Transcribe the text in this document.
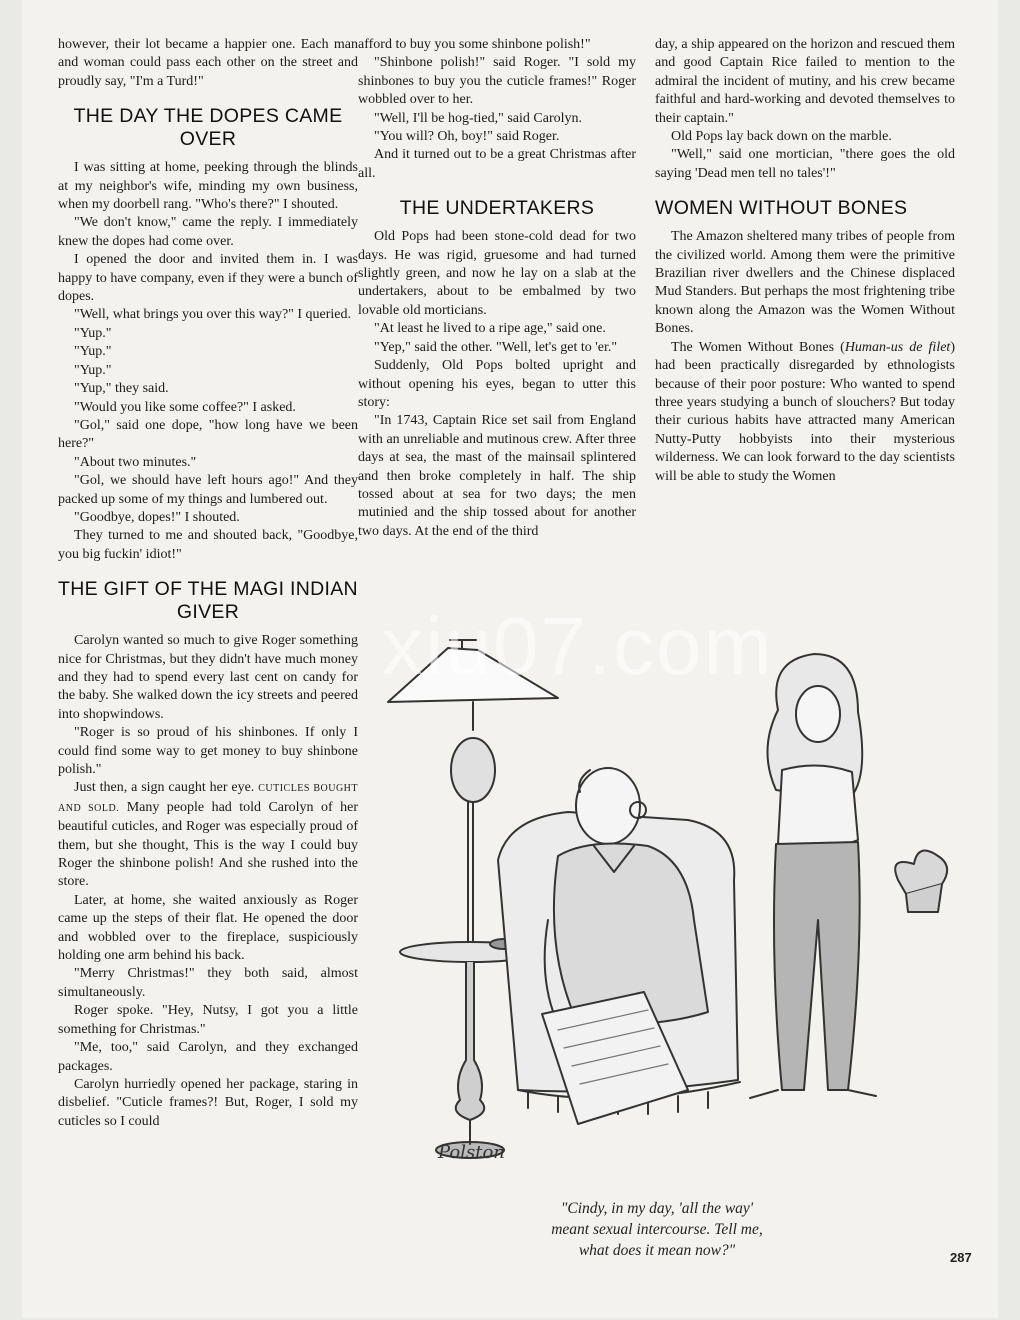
however, their lot became a happier one. Each man and woman could pass each other on the street and proudly say, "I'm a Turd!"

THE DAY THE DOPES CAME OVER

I was sitting at home, peeking through the blinds at my neighbor's wife, minding my own business, when my doorbell rang. "Who's there?" I shouted.

"We don't know," came the reply. I immediately knew the dopes had come over.

I opened the door and invited them in. I was happy to have company, even if they were a bunch of dopes.

"Well, what brings you over this way?" I queried.

"Yup."

"Yup."

"Yup."

"Yup," they said.

"Would you like some coffee?" I asked.

"Gol," said one dope, "how long have we been here?"

"About two minutes."

"Gol, we should have left hours ago!" And they packed up some of my things and lumbered out.

"Goodbye, dopes!" I shouted.

They turned to me and shouted back, "Goodbye, you big fuckin' idiot!"

THE GIFT OF THE MAGI INDIAN GIVER

Carolyn wanted so much to give Roger something nice for Christmas, but they didn't have much money and they had to spend every last cent on candy for the baby. She walked down the icy streets and peered into shopwindows.

"Roger is so proud of his shinbones. If only I could find some way to get money to buy shinbone polish."

Just then, a sign caught her eye. CUTICLES BOUGHT AND SOLD. Many people had told Carolyn of her beautiful cuticles, and Roger was especially proud of them, but she thought, This is the way I could buy Roger the shinbone polish! And she rushed into the store.

Later, at home, she waited anxiously as Roger came up the steps of their flat. He opened the door and wobbled over to the fireplace, suspiciously holding one arm behind his back.

"Merry Christmas!" they both said, almost simultaneously.

Roger spoke. "Hey, Nutsy, I got you a little something for Christmas."

"Me, too," said Carolyn, and they exchanged packages.

Carolyn hurriedly opened her package, staring in disbelief. "Cuticle frames?! But, Roger, I sold my cuticles so I could

afford to buy you some shinbone polish!"

"Shinbone polish!" said Roger. "I sold my shinbones to buy you the cuticle frames!" Roger wobbled over to her.

"Well, I'll be hog-tied," said Carolyn.

"You will? Oh, boy!" said Roger.

And it turned out to be a great Christmas after all.

THE UNDERTAKERS

Old Pops had been stone-cold dead for two days. He was rigid, gruesome and had turned slightly green, and now he lay on a slab at the undertakers, about to be embalmed by two lovable old morticians.

"At least he lived to a ripe age," said one.

"Yep," said the other. "Well, let's get to 'er."

Suddenly, Old Pops bolted upright and without opening his eyes, began to utter this story:

"In 1743, Captain Rice set sail from England with an unreliable and mutinous crew. After three days at sea, the mast of the mainsail splintered and then broke completely in half. The ship tossed about at sea for two days; the men mutinied and the ship tossed about for another two days. At the end of the third

day, a ship appeared on the horizon and rescued them and good Captain Rice failed to mention to the admiral the incident of mutiny, and his crew became faithful and hard-working and devoted themselves to their captain."

Old Pops lay back down on the marble.

"Well," said one mortician, "there goes the old saying 'Dead men tell no tales'!"

WOMEN WITHOUT BONES

The Amazon sheltered many tribes of people from the civilized world. Among them were the primitive Brazilian river dwellers and the Chinese displaced Mud Standers. But perhaps the most frightening tribe known along the Amazon was the Women Without Bones.

The Women Without Bones (Human-us de filet) had been practically disregarded by ethnologists because of their poor posture: Who wanted to spend three years studying a bunch of slouchers? But today their curious habits have attracted many American Nutty-Putty hobbyists into their mysterious wilderness. We can look forward to the day scientists will be able to study the Women

Polston
"Cindy, in my day, 'all the way'
meant sexual intercourse. Tell me,
what does it mean now?"
xiu07.com
287
